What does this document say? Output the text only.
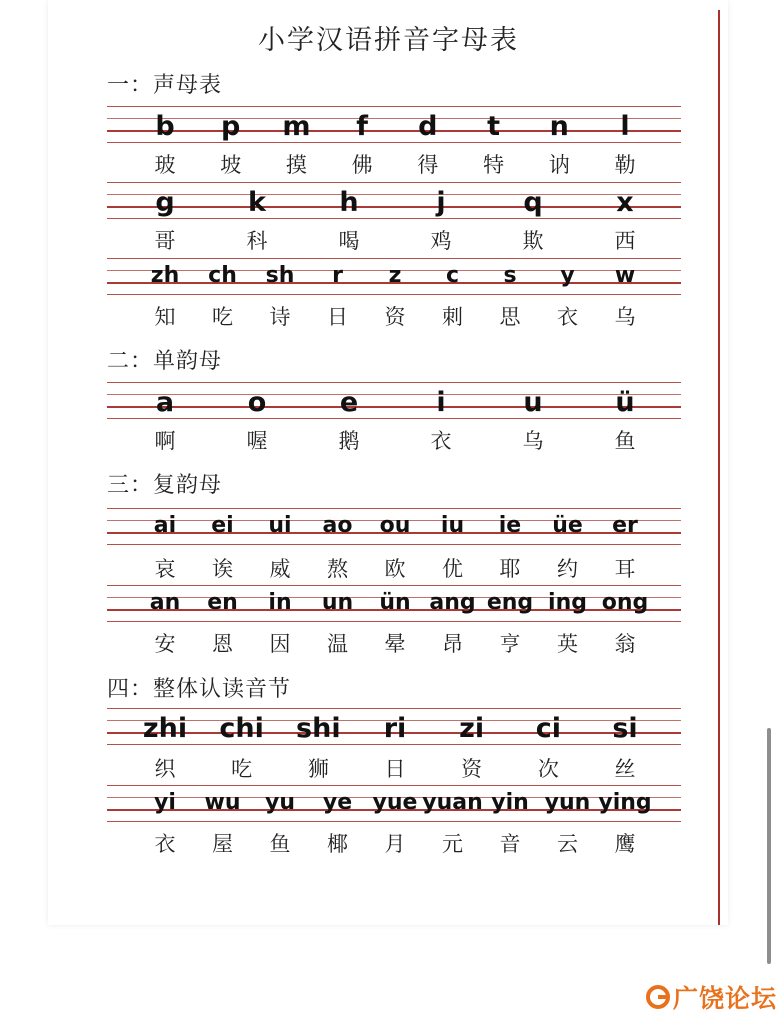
小学汉语拼音字母表
一：声母表
b p m f d t n l
玻 坡 摸 佛 得 特 讷 勒
g	k	h	j	q	x
哥	科	喝	鸡	欺	西
zh ch sh r z c s y w
知 吃 诗 日 资 刺 思 衣 乌
二：单韵母
a	o	e	i	u	ü
啊	喔	鹅	衣	乌	鱼
三：复韵母
ai ei ui ao ou iu ie üe er
哀 诶 威 熬 欧 优 耶 约 耳
an en in un ün ang eng ing ong
安 恩 因 温 晕 昂 亨 英 翁
四：整体认读音节
zhi chi shi ri zi ci si
织	吃	狮	日	资	次	丝
yi wu yu ye yue yuan yin yun ying
衣 屋 鱼 椰 月 元 音 云 鹰
广饶论坛
